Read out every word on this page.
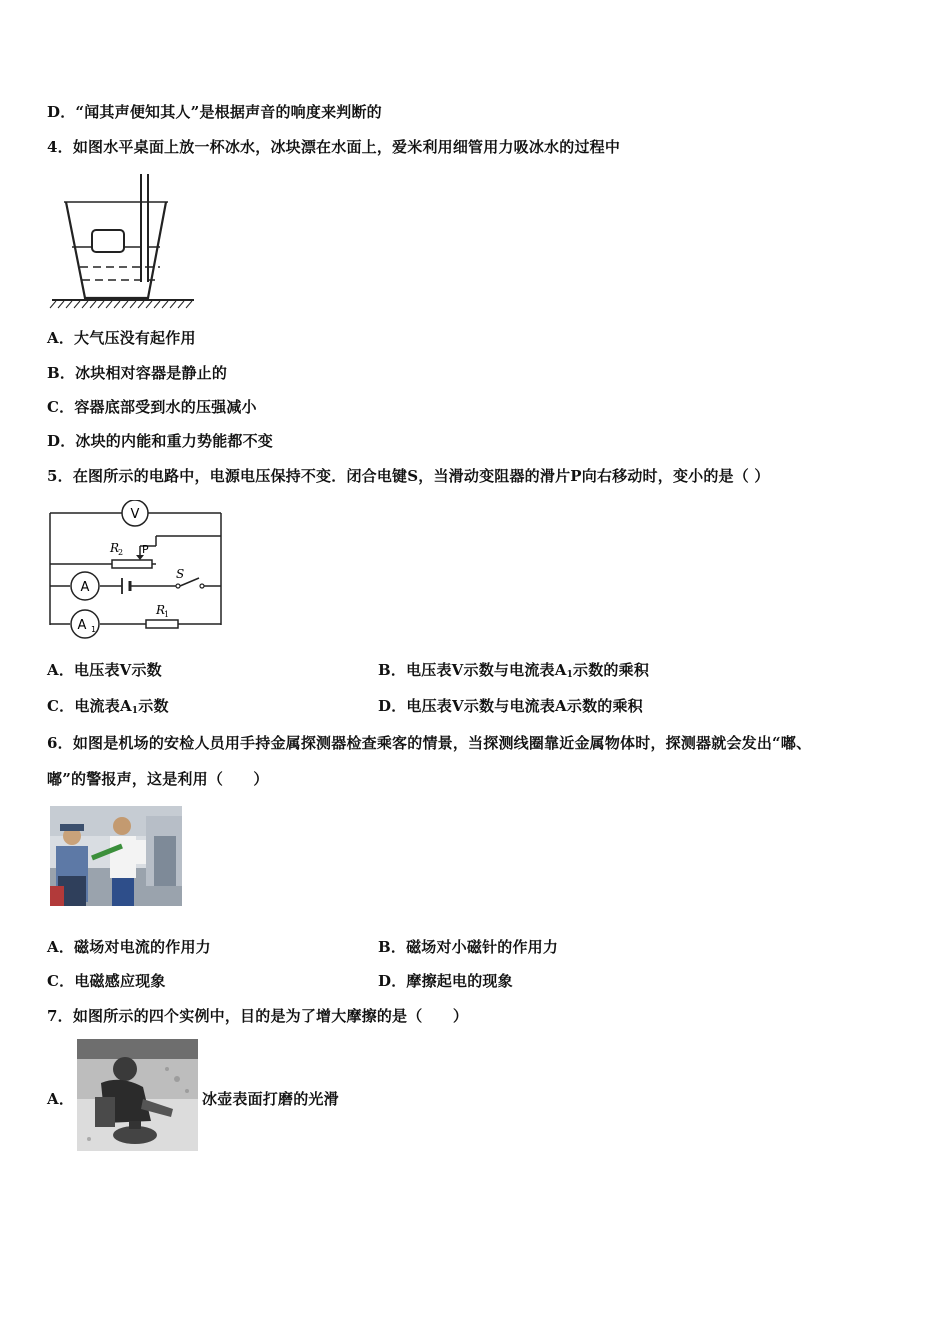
D．“闻其声便知其人”是根据声音的响度来判断的
4．如图水平桌面上放一杯冰水，冰块漂在水面上，爱米利用细管用力吸冰水的过程中
A．大气压没有起作用
B．冰块相对容器是静止的
C．容器底部受到水的压强减小
D．冰块的内能和重力势能都不变
5．在图所示的电路中，电源电压保持不变．闭合电键S，当滑动变阻器的滑片P向右移动时，变小的是（ ）
V
A
A 1
R
2 P
S
R
1
A．电压表V示数	B．电压表V示数与电流表$A_1$示数的乘积
C．电流表$A_1$示数	D．电压表V示数与电流表A示数的乘积
6．如图是机场的安检人员用手持金属探测器检查乘客的情景，当探测线圈靠近金属物体时，探测器就会发出“嘟、
嘟”的警报声，这是利用（　　）
A．磁场对电流的作用力	B．磁场对小磁针的作用力
C．电磁感应现象	D．摩擦起电的现象
7．如图所示的四个实例中，目的是为了增大摩擦的是（　　）
A．	冰壶表面打磨的光滑
